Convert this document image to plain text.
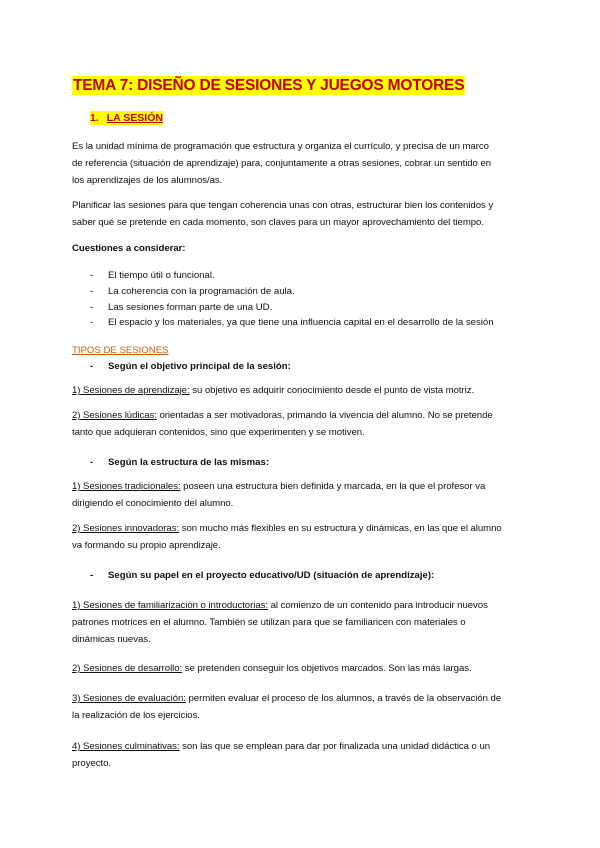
TEMA 7: DISEÑO DE SESIONES Y JUEGOS MOTORES
1. LA SESIÓN

Es la unidad mínima de programación que estructura y organiza el currículo, y precisa de un marco
de referencia (situación de aprendizaje) para, conjuntamente a otras sesiones, cobrar un sentido en
los aprendizajes de los alumnos/as.

Planificar las sesiones para que tengan coherencia unas con otras, estructurar bien los contenidos y
saber qué se pretende en cada momento, son claves para un mayor aprovechamiento del tiempo.

Cuestiones a considerar:

- El tiempo útil o funcional.
- La coherencia con la programación de aula.
- Las sesiones forman parte de una UD.
- El espacio y los materiales, ya que tiene una influencia capital en el desarrollo de la sesión

TIPOS DE SESIONES

- Según el objetivo principal de la sesión:

1) Sesiones de aprendizaje: su objetivo es adquirir conocimiento desde el punto de vista motriz.

2) Sesiones lúdicas: orientadas a ser motivadoras, primando la vivencia del alumno. No se pretende
tanto que adquieran contenidos, sino que experimenten y se motiven.

- Según la estructura de las mismas:

1) Sesiones tradicionales: poseen una estructura bien definida y marcada, en la que el profesor va
dirigiendo el conocimiento del alumno.

2) Sesiones innovadoras: son mucho más flexibles en su estructura y dinámicas, en las que el alumno
va formando su propio aprendizaje.

- Según su papel en el proyecto educativo/UD (situación de aprendizaje):

1) Sesiones de familiarización o introductorias: al comienzo de un contenido para introducir nuevos
patrones motrices en el alumno. También se utilizan para que se familiaricen con materiales o
dinámicas nuevas.

2) Sesiones de desarrollo: se pretenden conseguir los objetivos marcados. Son las más largas.

3) Sesiones de evaluación: permiten evaluar el proceso de los alumnos, a través de la observación de
la realización de los ejercicios.

4) Sesiones culminativas: son las que se emplean para dar por finalizada una unidad didáctica o un
proyecto.
